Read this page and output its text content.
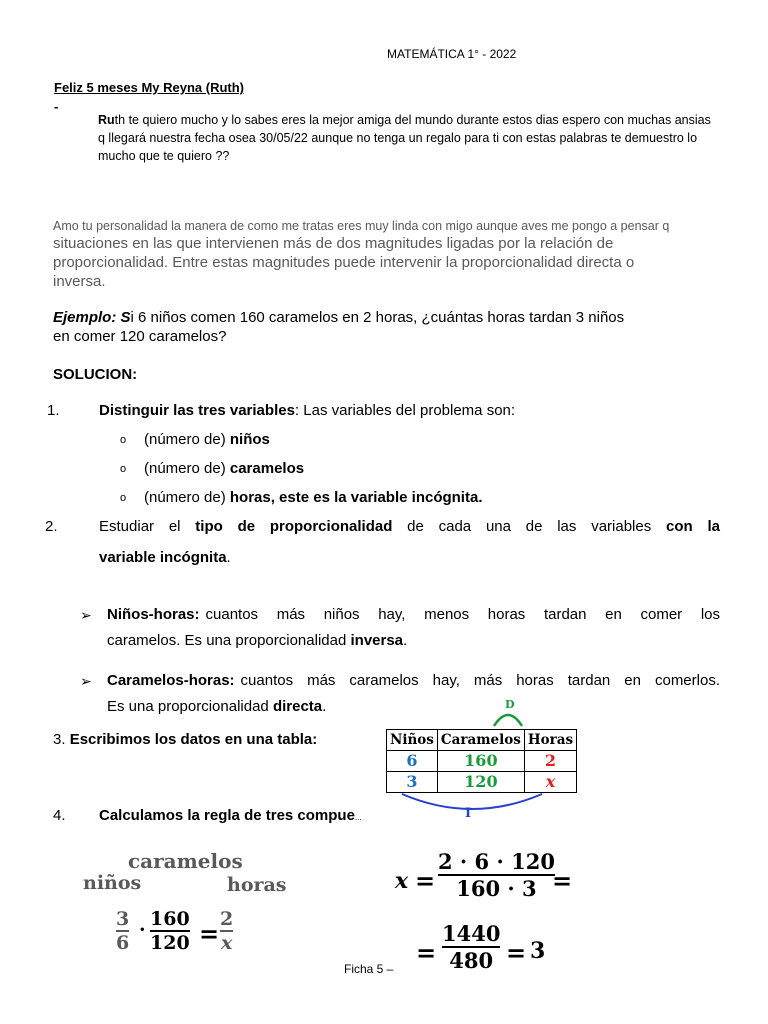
MATEMÁTICA 1° - 2022
Feliz 5 meses My Reyna (Ruth)
-
Ruth te quiero mucho y lo sabes eres la mejor amiga del mundo durante estos dias espero con muchas ansias
q llegará nuestra fecha osea 30/05/22 aunque no tenga un regalo para ti con estas palabras te demuestro lo
mucho que te quiero ??
Amo tu personalidad la manera de como me tratas eres muy linda con migo aunque aves me pongo a pensar q
situaciones en las que intervienen más de dos magnitudes ligadas por la relación de
proporcionalidad. Entre estas magnitudes puede intervenir la proporcionalidad directa o
inversa.
Ejemplo: Si 6 niños comen 160 caramelos en 2 horas, ¿cuántas horas tardan 3 niños
en comer 120 caramelos?
SOLUCION:
1.	Distinguir las tres variables: Las variables del problema son:
o (número de) niños
o (número de) caramelos
o (número de) horas, este es la variable incógnita.
2.	Estudiar el tipo de proporcionalidad de cada una de las variables con la
variable incógnita.
➢ Niños-horas: cuantos más niños hay, menos horas tardan en comer los
caramelos. Es una proporcionalidad inversa.
➢ Caramelos-horas: cuantos más caramelos hay, más horas tardan en comerlos.
Es una proporcionalidad directa.
3. Escribimos los datos en una tabla:
D
Niños	Caramelos	Horas
6	160	2
3	120	x
I
4. Calculamos la regla de tres compue...
caramelos
niños	horas
3
6
· 160
120 = 2
x
x =
2 · 6 · 120
160 · 3 =
=
1440
480 = 3
Ficha 5 –
